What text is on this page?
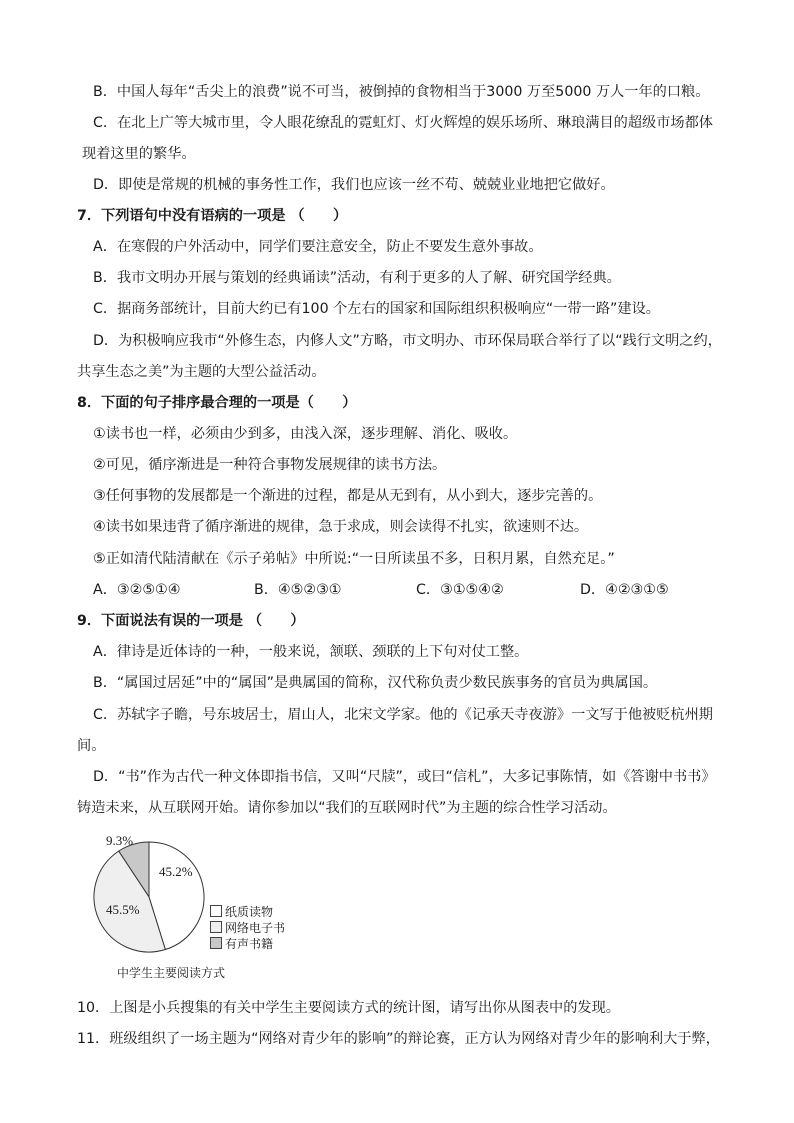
B．中国人每年“舌尖上的浪费”说不可当，被倒掉的食物相当于3000 万至5000 万人一年的口粮。
C．在北上广等大城市里，令人眼花缭乱的霓虹灯、灯火辉煌的娱乐场所、琳琅满目的超级市场都体
现着这里的繁华。
D．即使是常规的机械的事务性工作，我们也应该一丝不苟、兢兢业业地把它做好。
7．下列语句中没有语病的一项是 （　　）
A．在寒假的户外活动中，同学们要注意安全，防止不要发生意外事故。
B．我市文明办开展与策划的经典诵读”活动，有利于更多的人了解、研究国学经典。
C．据商务部统计，目前大约已有100 个左右的国家和国际组织积极响应“一带一路”建设。
D．为积极响应我市“外修生态，内修人文”方略，市文明办、市环保局联合举行了以“践行文明之约，
共享生态之美”为主题的大型公益活动。
8．下面的句子排序最合理的一项是（　　）
①读书也一样，必须由少到多，由浅入深，逐步理解、消化、吸收。
②可见，循序渐进是一种符合事物发展规律的读书方法。
③任何事物的发展都是一个渐进的过程，都是从无到有，从小到大，逐步完善的。
④读书如果违背了循序渐进的规律，急于求成，则会读得不扎实，欲速则不达。
⑤正如清代陆清献在《示子弟帖》中所说:“一日所读虽不多，日积月累，自然充足。”
A．③②⑤①④	B．④⑤②③①	C．③①⑤④②	D．④②③①⑤
9．下面说法有误的一项是 （　　）
A．律诗是近体诗的一种，一般来说，颔联、颈联的上下句对仗工整。
B．“属国过居延”中的“属国”是典属国的简称，汉代称负责少数民族事务的官员为典属国。
C．苏轼字子瞻，号东坡居士，眉山人，北宋文学家。他的《记承天寺夜游》一文写于他被贬杭州期
间。
D．“书”作为古代一种文体即指书信，又叫“尺牍”，或曰“信札”，大多记事陈情，如《答谢中书书》
铸造未来，从互联网开始。请你参加以“我们的互联网时代”为主题的综合性学习活动。
9.3%
45.2%
45.5%	纸质读物
网络电子书
有声书籍
中学生主要阅读方式
10．上图是小兵搜集的有关中学生主要阅读方式的统计图，请写出你从图表中的发现。
11．班级组织了一场主题为“网络对青少年的影响”的辩论赛，正方认为网络对青少年的影响利大于弊，
